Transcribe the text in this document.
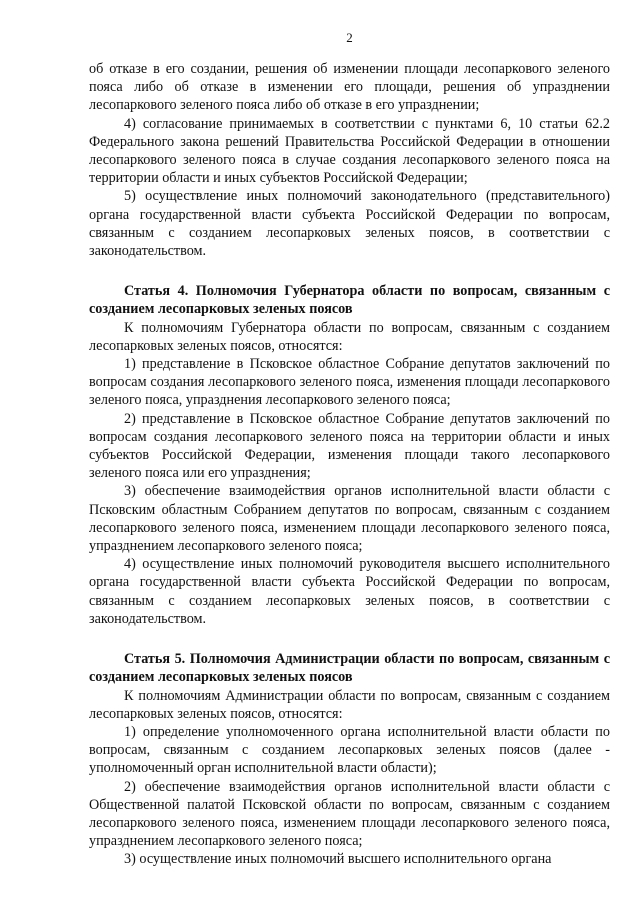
2

об отказе в его создании, решения об изменении площади лесопаркового зеленого пояса либо об отказе в изменении его площади, решения об упразднении лесопаркового зеленого пояса либо об отказе в его упразднении;

4) согласование принимаемых в соответствии с пунктами 6, 10 статьи 62.2 Федерального закона решений Правительства Российской Федерации в отношении лесопаркового зеленого пояса в случае создания лесопаркового зеленого пояса на территории области и иных субъектов Российской Федерации;

5) осуществление иных полномочий законодательного (представительного) органа государственной власти субъекта Российской Федерации по вопросам, связанным с созданием лесопарковых зеленых поясов, в соответствии с законодательством.

Статья 4. Полномочия Губернатора области по вопросам, связанным с созданием лесопарковых зеленых поясов

К полномочиям Губернатора области по вопросам, связанным с созданием лесопарковых зеленых поясов, относятся:

1) представление в Псковское областное Собрание депутатов заключений по вопросам создания лесопаркового зеленого пояса, изменения площади лесопаркового зеленого пояса, упразднения лесопаркового зеленого пояса;

2) представление в Псковское областное Собрание депутатов заключений по вопросам создания лесопаркового зеленого пояса на территории области и иных субъектов Российской Федерации, изменения площади такого лесопаркового зеленого пояса или его упразднения;

3) обеспечение взаимодействия органов исполнительной власти области с Псковским областным Собранием депутатов по вопросам, связанным с созданием лесопаркового зеленого пояса, изменением площади лесопаркового зеленого пояса, упразднением лесопаркового зеленого пояса;

4) осуществление иных полномочий руководителя высшего исполнительного органа государственной власти субъекта Российской Федерации по вопросам, связанным с созданием лесопарковых зеленых поясов, в соответствии с законодательством.

Статья 5. Полномочия Администрации области по вопросам, связанным с созданием лесопарковых зеленых поясов

К полномочиям Администрации области по вопросам, связанным с созданием лесопарковых зеленых поясов, относятся:

1) определение уполномоченного органа исполнительной власти области по вопросам, связанным с созданием лесопарковых зеленых поясов (далее - уполномоченный орган исполнительной власти области);

2) обеспечение взаимодействия органов исполнительной власти области с Общественной палатой Псковской области по вопросам, связанным с созданием лесопаркового зеленого пояса, изменением площади лесопаркового зеленого пояса, упразднением лесопаркового зеленого пояса;

3) осуществление иных полномочий высшего исполнительного органа
